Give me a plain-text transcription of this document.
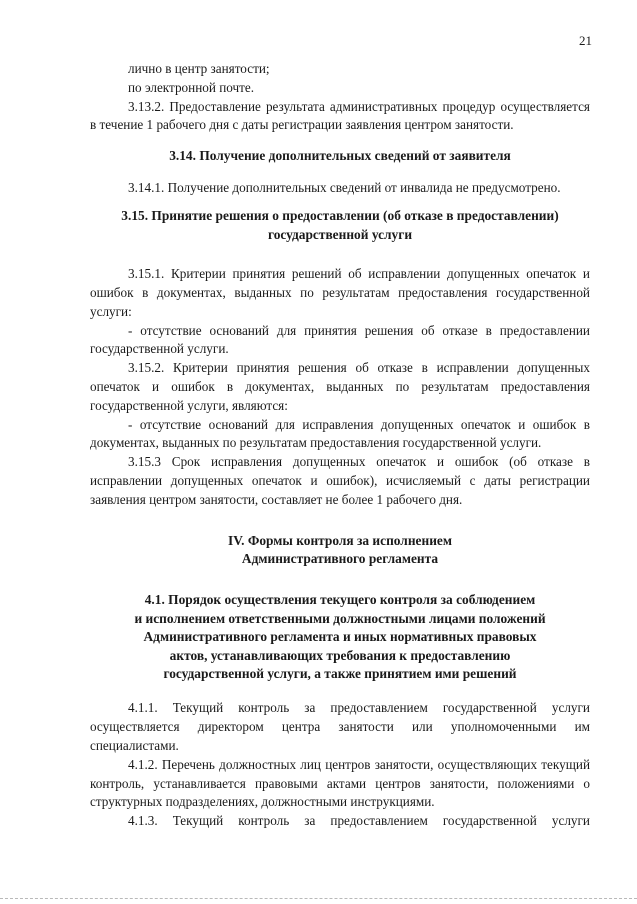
21

лично в центр занятости;

по электронной почте.

3.13.2. Предоставление результата административных процедур осуществляется в течение 1 рабочего дня с даты регистрации заявления центром занятости.

3.14. Получение дополнительных сведений от заявителя

3.14.1. Получение дополнительных сведений от инвалида не предусмотрено.

3.15. Принятие решения о предоставлении (об отказе в предоставлении)
государственной услуги

3.15.1. Критерии принятия решений об исправлении допущенных опечаток и ошибок в документах, выданных по результатам предоставления государственной услуги:

- отсутствие оснований для принятия решения об отказе в предоставлении государственной услуги.

3.15.2. Критерии принятия решения об отказе в исправлении допущенных опечаток и ошибок в документах, выданных по результатам предоставления государственной услуги, являются:

- отсутствие оснований для исправления допущенных опечаток и ошибок в документах, выданных по результатам предоставления государственной услуги.

3.15.3 Срок исправления допущенных опечаток и ошибок (об отказе в исправлении допущенных опечаток и ошибок), исчисляемый с даты регистрации заявления центром занятости, составляет не более 1 рабочего дня.

IV. Формы контроля за исполнением
Административного регламента
4.1. Порядок осуществления текущего контроля за соблюдением
и исполнением ответственными должностными лицами положений
Административного регламента и иных нормативных правовых
актов, устанавливающих требования к предоставлению
государственной услуги, а также принятием ими решений

4.1.1. Текущий контроль за предоставлением государственной услуги осуществляется директором центра занятости или уполномоченными им специалистами.

4.1.2. Перечень должностных лиц центров занятости, осуществляющих текущий контроль, устанавливается правовыми актами центров занятости, положениями о структурных подразделениях, должностными инструкциями.

4.1.3. Текущий контроль за предоставлением государственной услуги
